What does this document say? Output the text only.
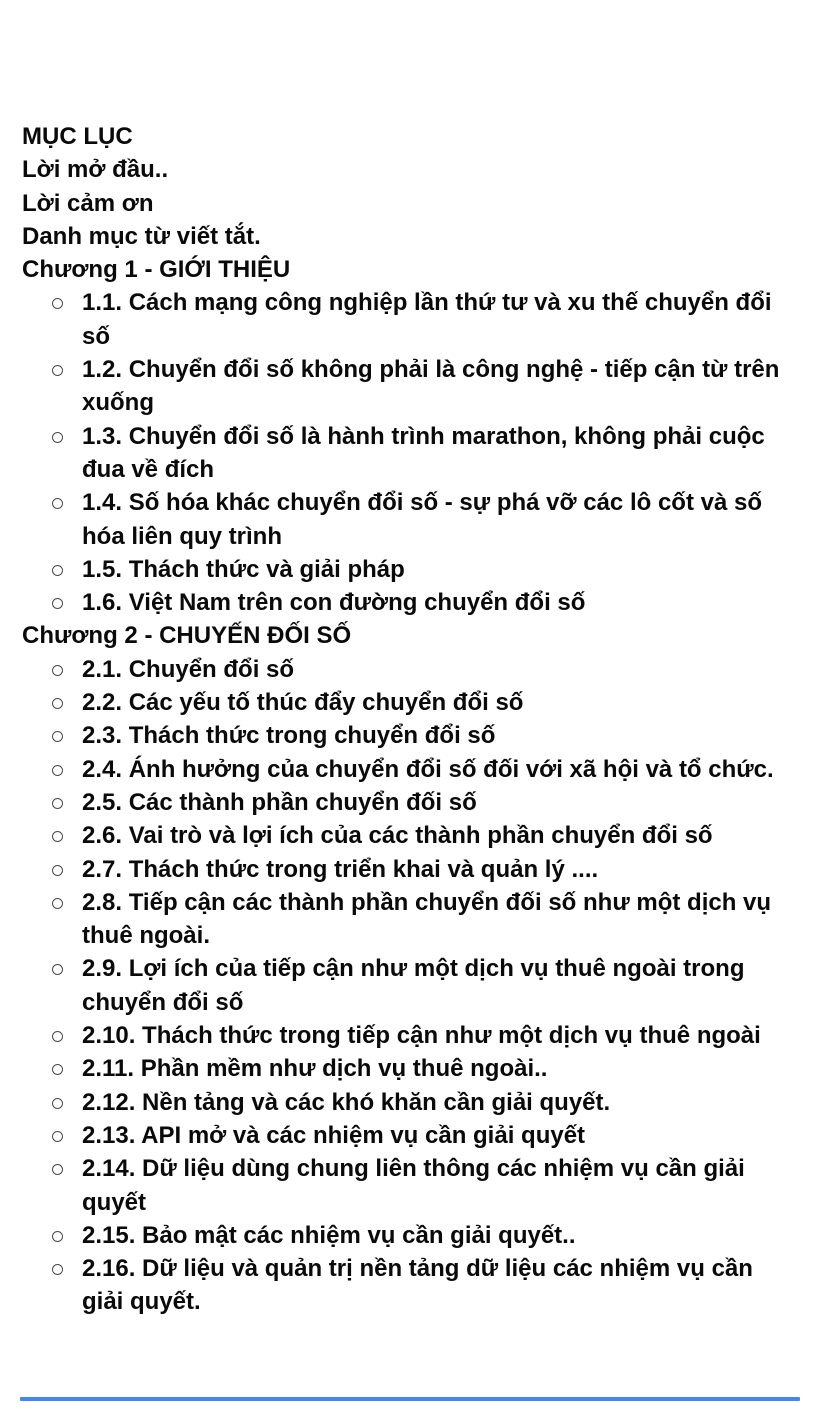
MỤC LỤC

Lời mở đầu..

Lời cảm ơn

Danh mục từ viết tắt.

Chương 1 - GIỚI THIỆU

1.1. Cách mạng công nghiệp lần thứ tư và xu thế chuyển đổi số
1.2. Chuyển đổi số không phải là công nghệ - tiếp cận từ trên xuống
1.3. Chuyển đổi số là hành trình marathon, không phải cuộc đua về đích
1.4. Số hóa khác chuyển đổi số - sự phá vỡ các lô cốt và số hóa liên quy trình
1.5. Thách thức và giải pháp
1.6. Việt Nam trên con đường chuyển đổi số

Chương 2 - CHUYẾN ĐỐI SỐ

2.1. Chuyển đổi số
2.2. Các yếu tố thúc đẩy chuyển đổi số
2.3. Thách thức trong chuyển đổi số
2.4. Ánh hưởng của chuyển đổi số đối với xã hội và tổ chức.
2.5. Các thành phần chuyển đối số
2.6. Vai trò và lợi ích của các thành phần chuyển đổi số
2.7. Thách thức trong triển khai và quản lý ....
2.8. Tiếp cận các thành phần chuyển đối số như một dịch vụ thuê ngoài.
2.9. Lợi ích của tiếp cận như một dịch vụ thuê ngoài trong chuyển đổi số
2.10. Thách thức trong tiếp cận như một dịch vụ thuê ngoài
2.11. Phần mềm như dịch vụ thuê ngoài..
2.12. Nền tảng và các khó khăn cần giải quyết.
2.13. API mở và các nhiệm vụ cần giải quyết
2.14. Dữ liệu dùng chung liên thông các nhiệm vụ cần giải quyết
2.15. Bảo mật các nhiệm vụ cần giải quyết..
2.16. Dữ liệu và quản trị nền tảng dữ liệu các nhiệm vụ cần giải quyết.
